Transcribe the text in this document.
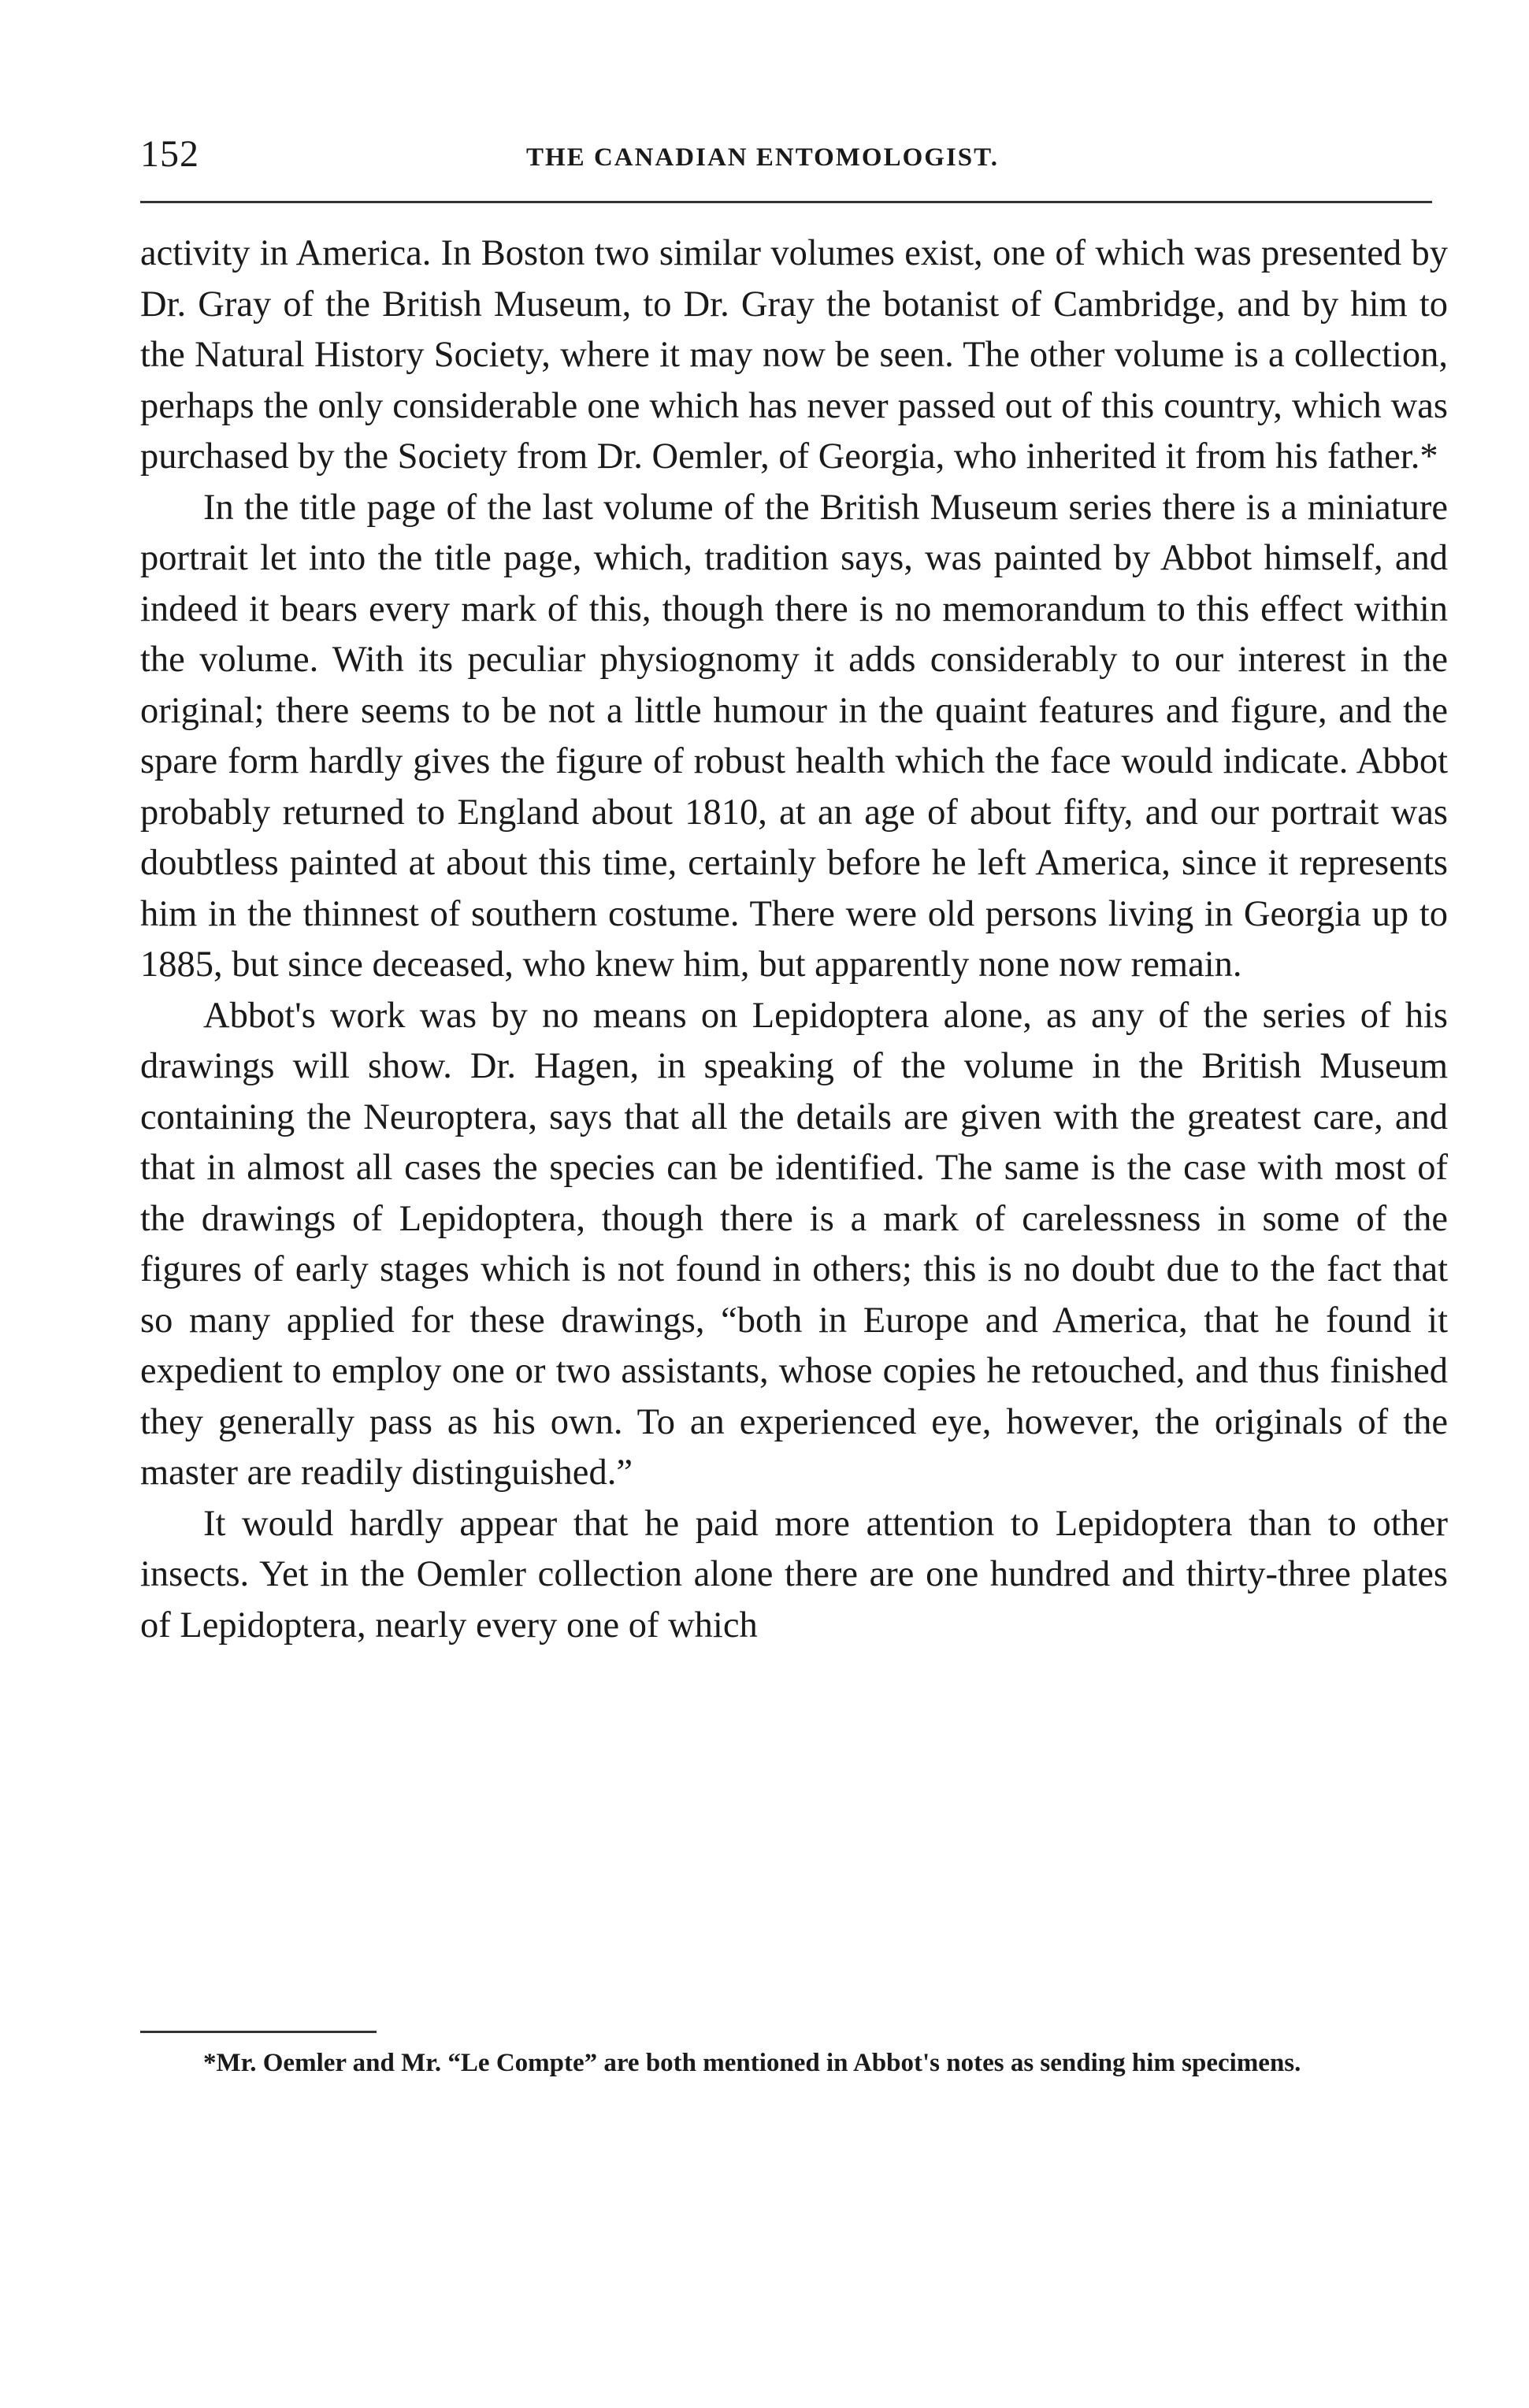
152	THE CANADIAN ENTOMOLOGIST.

activity in America. In Boston two similar volumes exist, one of which was presented by Dr. Gray of the British Museum, to Dr. Gray the botanist of Cambridge, and by him to the Natural History Society, where it may now be seen. The other volume is a collection, perhaps the only considerable one which has never passed out of this country, which was purchased by the Society from Dr. Oemler, of Georgia, who inherited it from his father.*

In the title page of the last volume of the British Museum series there is a miniature portrait let into the title page, which, tradition says, was painted by Abbot himself, and indeed it bears every mark of this, though there is no memorandum to this effect within the volume. With its peculiar physiognomy it adds considerably to our interest in the original; there seems to be not a little humour in the quaint features and figure, and the spare form hardly gives the figure of robust health which the face would indicate. Abbot probably returned to England about 1810, at an age of about fifty, and our portrait was doubtless painted at about this time, certainly before he left America, since it represents him in the thinnest of southern costume. There were old persons living in Georgia up to 1885, but since deceased, who knew him, but apparently none now remain.

Abbot's work was by no means on Lepidoptera alone, as any of the series of his drawings will show. Dr. Hagen, in speaking of the volume in the British Museum containing the Neuroptera, says that all the details are given with the greatest care, and that in almost all cases the species can be identified. The same is the case with most of the drawings of Lepidoptera, though there is a mark of carelessness in some of the figures of early stages which is not found in others; this is no doubt due to the fact that so many applied for these drawings, “both in Europe and America, that he found it expedient to employ one or two assistants, whose copies he retouched, and thus finished they generally pass as his own. To an experienced eye, however, the originals of the master are readily distinguished.”

It would hardly appear that he paid more attention to Lepidoptera than to other insects. Yet in the Oemler collection alone there are one hundred and thirty-three plates of Lepidoptera, nearly every one of which

*Mr. Oemler and Mr. “Le Compte” are both mentioned in Abbot's notes as sending him specimens.
